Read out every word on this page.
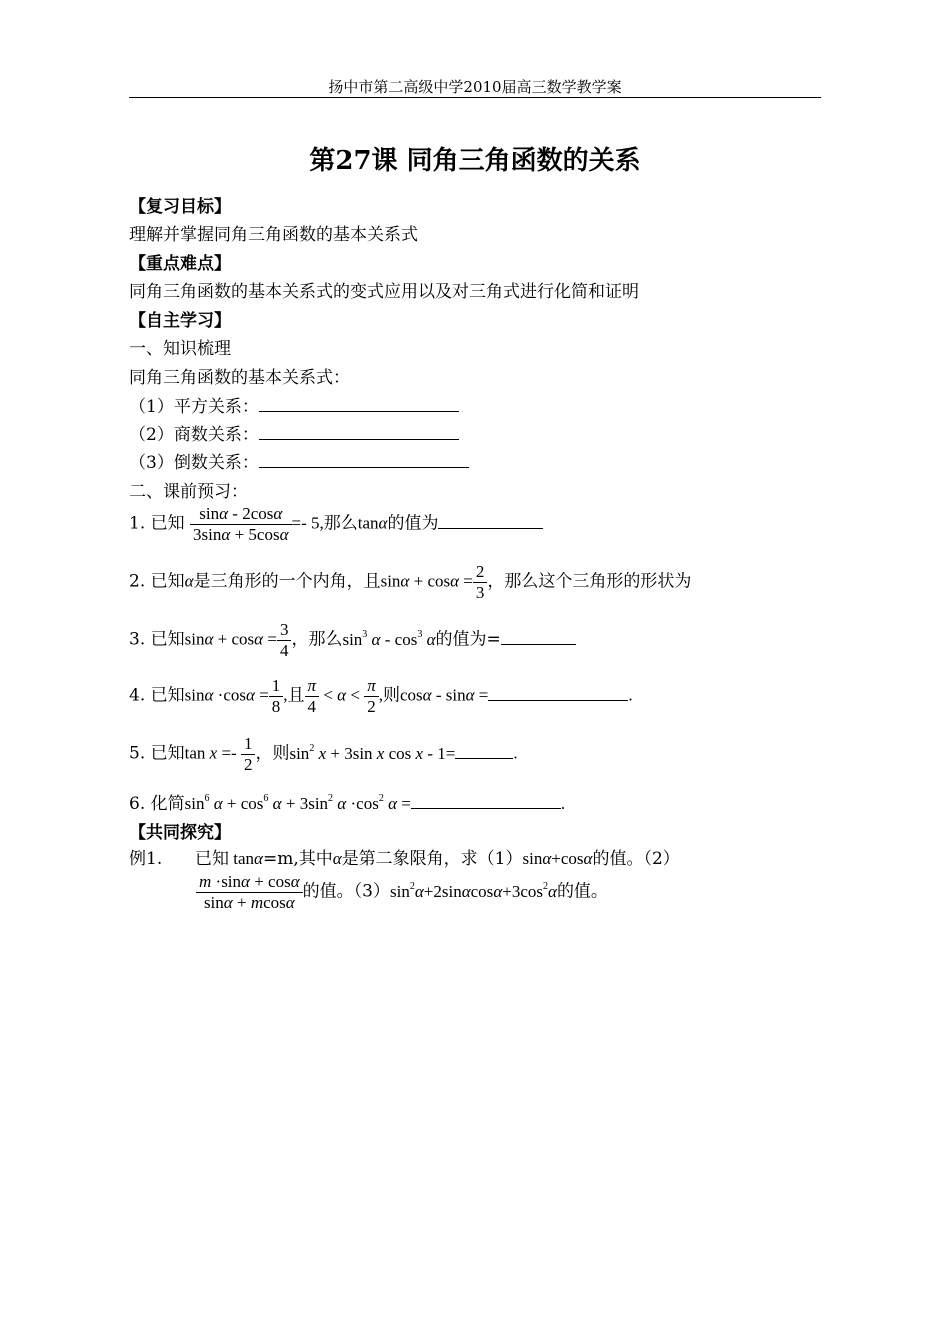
扬中市第二高级中学2010届高三数学教学案
第27课 同角三角函数的关系
【复习目标】
理解并掌握同角三角函数的基本关系式
【重点难点】
同角三角函数的基本关系式的变式应用以及对三角式进行化简和证明
【自主学习】
一、知识梳理
同角三角函数的基本关系式：
（1）平方关系：
（2）商数关系：
（3）倒数关系：
二、课前预习：
1. 已知 $\frac{\sin\alpha - 2\cos\alpha}{3\sin\alpha + 5\cos\alpha} =- 5$,那么tanα的值为
2. 已知α是三角形的一个内角，且$\sin\alpha + \cos\alpha = \frac{2}{3}$ ，那么这个三角形的形状为
3. 已知$\sin\alpha + \cos\alpha = \frac{3}{4}$ ，那么$\sin^3 \alpha - \cos^3 \alpha$的值为=
4. 已知$\sin\alpha \cdot\cos\alpha = \frac{1}{8}$ ,且 $\frac{\pi}{4} < \alpha < \frac{\pi}{2}$ ,则cosα - sinα =	.
5. 已知$\tan x =- \frac{1}{2}$ ，则$\sin^2 x + 3\sin$ x cos x - 1=	.
6. 化简$\sin^6 \alpha + \cos^6 \alpha + 3\sin^2$ $\alpha \cdot\cos^2$ α =	.
【共同探究】
例1. 已知 tanα=m,其中α是第二象限角，求（1）sinα+cosα的值。（2）
$\frac{m \cdot\sin\alpha + \cos\alpha}{\sin\alpha + mcos\alpha}$ 的值。$(3)\sin^2\alpha+2\sin\alpha\cos\alpha+3\cos^2\alpha$的值。
